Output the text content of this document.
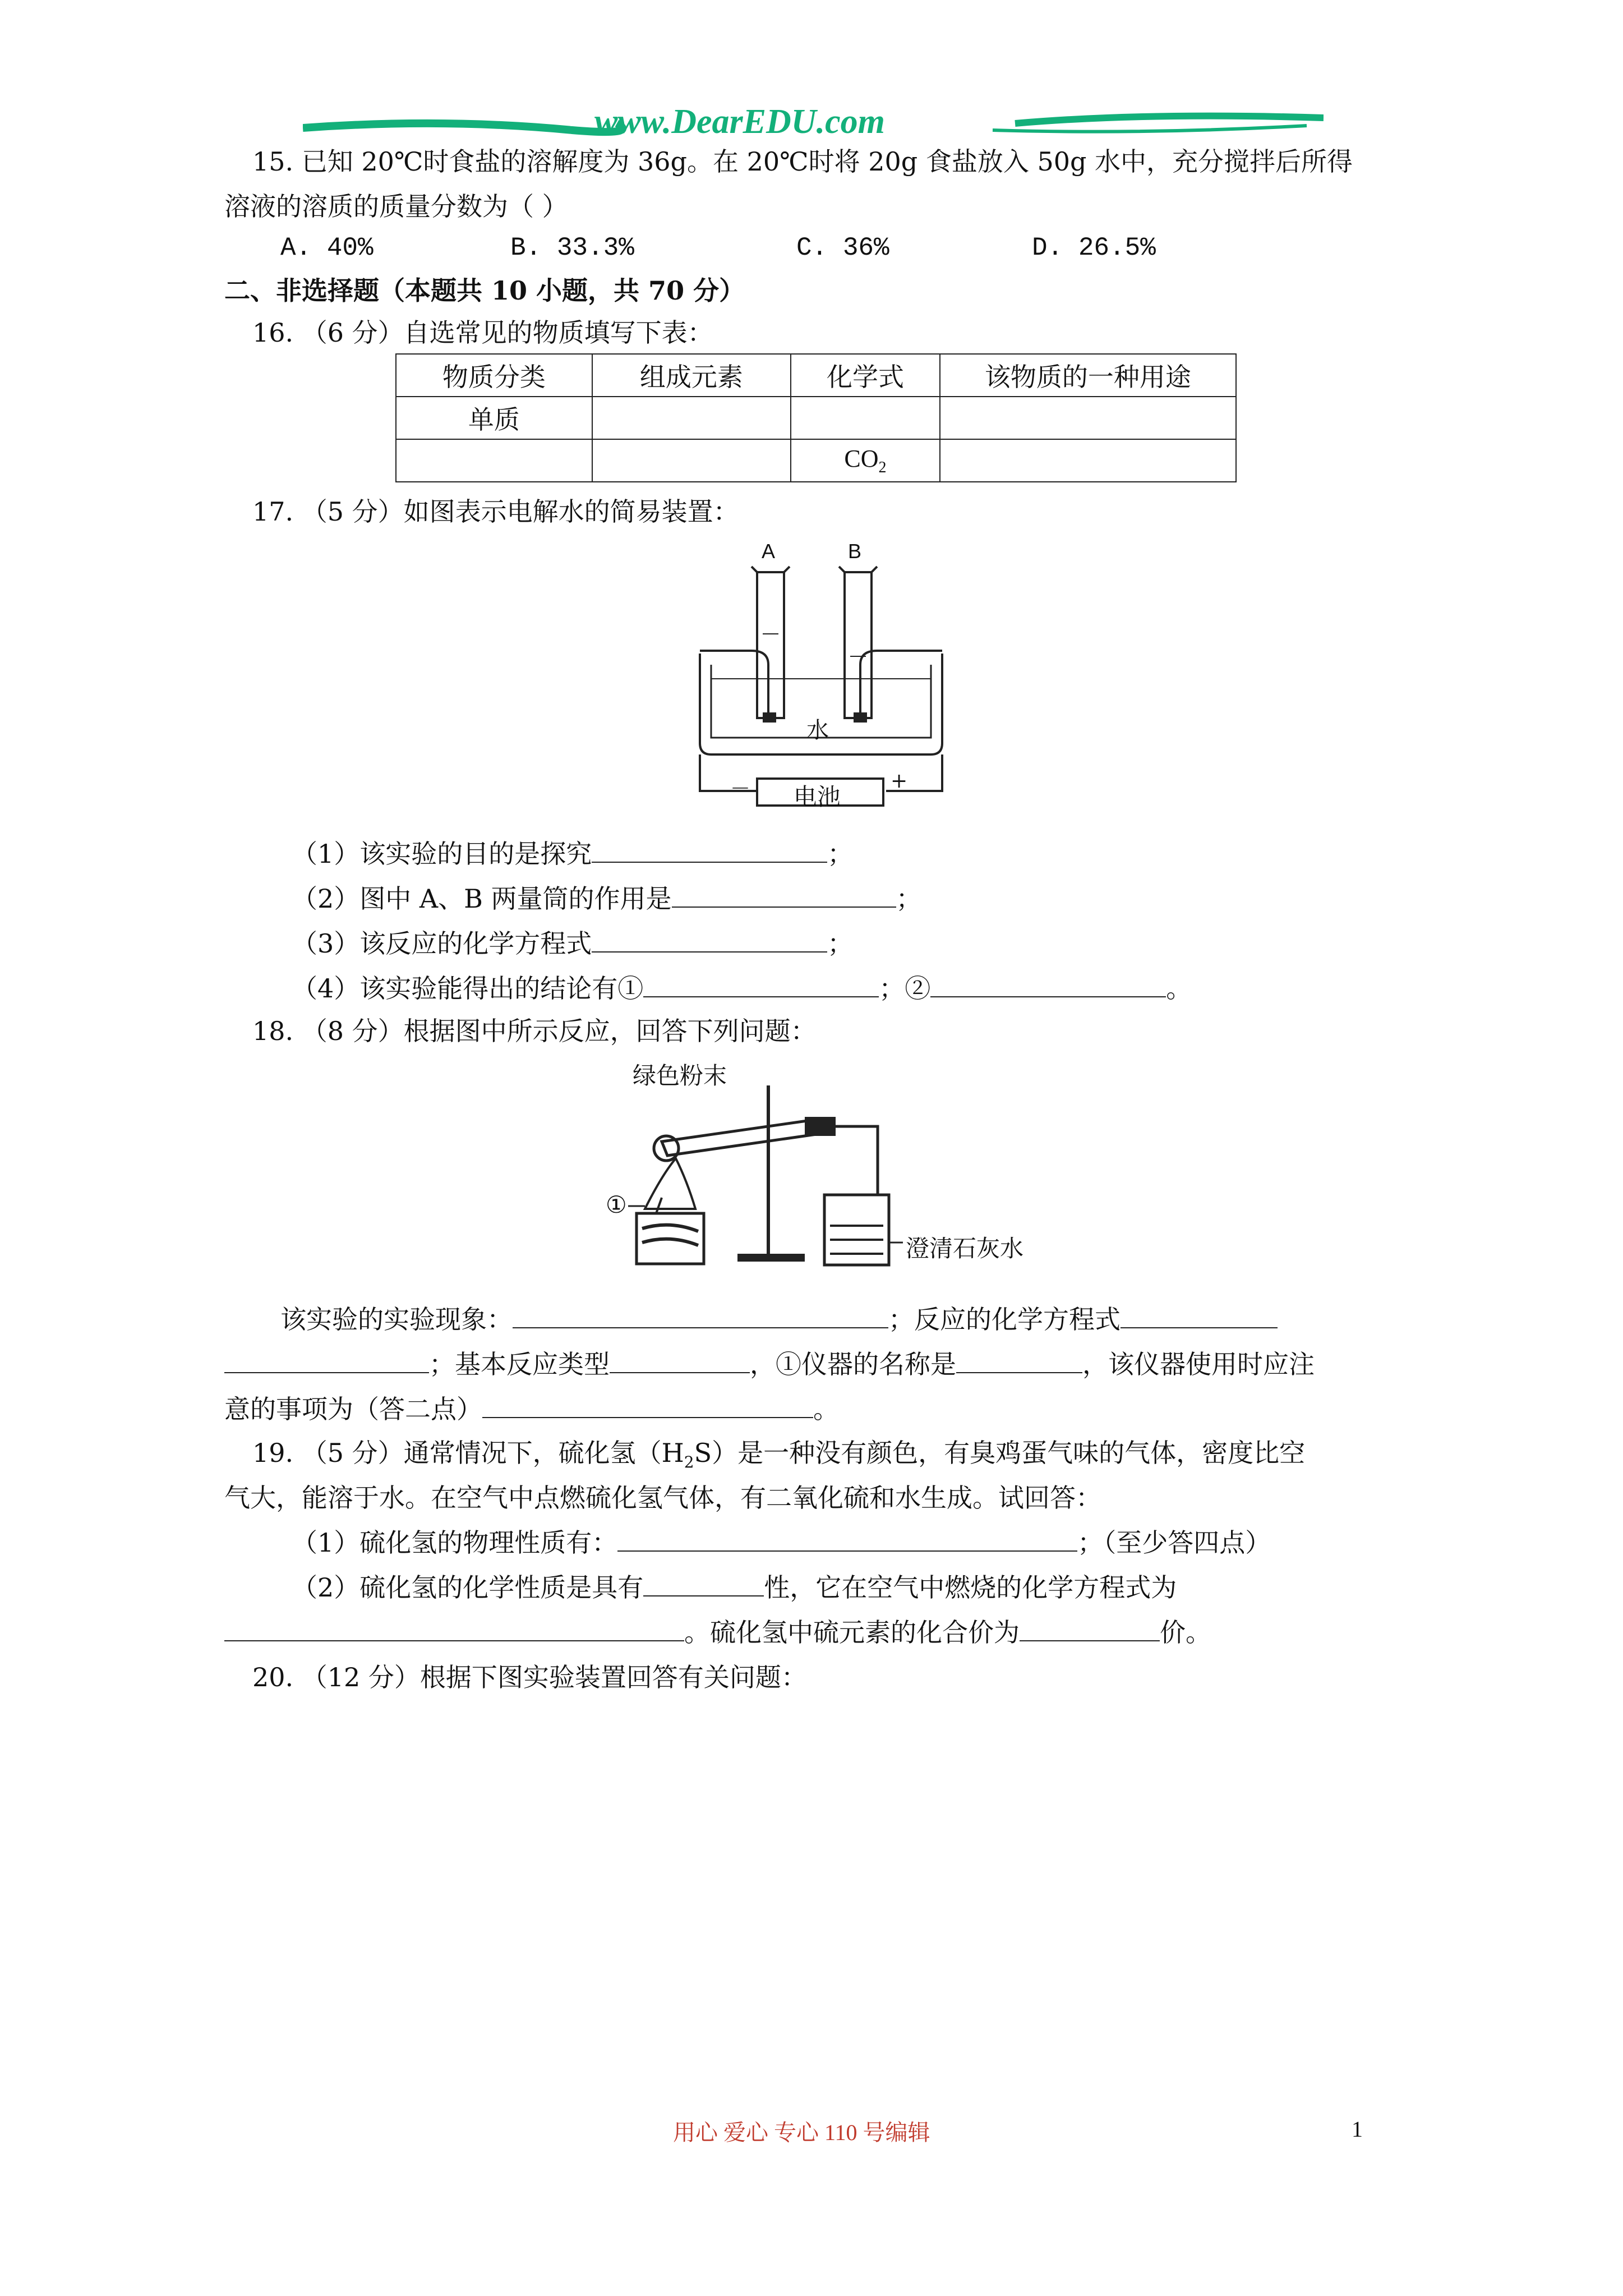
www.DearEDU.com
15. 已知 20℃时食盐的溶解度为 36g。在 20℃时将 20g 食盐放入 50g 水中，充分搅拌后所得
溶液的溶质的质量分数为（ ）
A. 40%	B. 33.3%	C. 36%	D. 26.5%
二、非选择题（本题共 10 小题，共 70 分）
16. （6 分）自选常见的物质填写下表：
物质分类	组成元素	化学式	该物质的一种用途
单质			
		$CO_2$	
17. （5 分）如图表示电解水的简易装置：
A	B
水
－ 电池
+
（1）该实验的目的是探究	；
（2）图中 A、B 两量筒的作用是	；
（3）该反应的化学方程式	；
（4）该实验能得出的结论有①	；②	。
18. （8 分）根据图中所示反应，回答下列问题：
绿色粉末
①
澄清石灰水
该实验的实验现象：	；反应的化学方程式
；基本反应类型	，①仪器的名称是	，该仪器使用时应注
意的事项为（答二点）	。
19. （5 分）通常情况下，硫化氢$(H_2S)$是一种没有颜色，有臭鸡蛋气味的气体，密度比空
气大，能溶于水。在空气中点燃硫化氢气体，有二氧化硫和水生成。试回答：
（1）硫化氢的物理性质有：	；（至少答四点）
（2）硫化氢的化学性质是具有	性，它在空气中燃烧的化学方程式为
。硫化氢中硫元素的化合价为	价。
20. （12 分）根据下图实验装置回答有关问题：
用心 爱心 专心 110 号编辑	1
